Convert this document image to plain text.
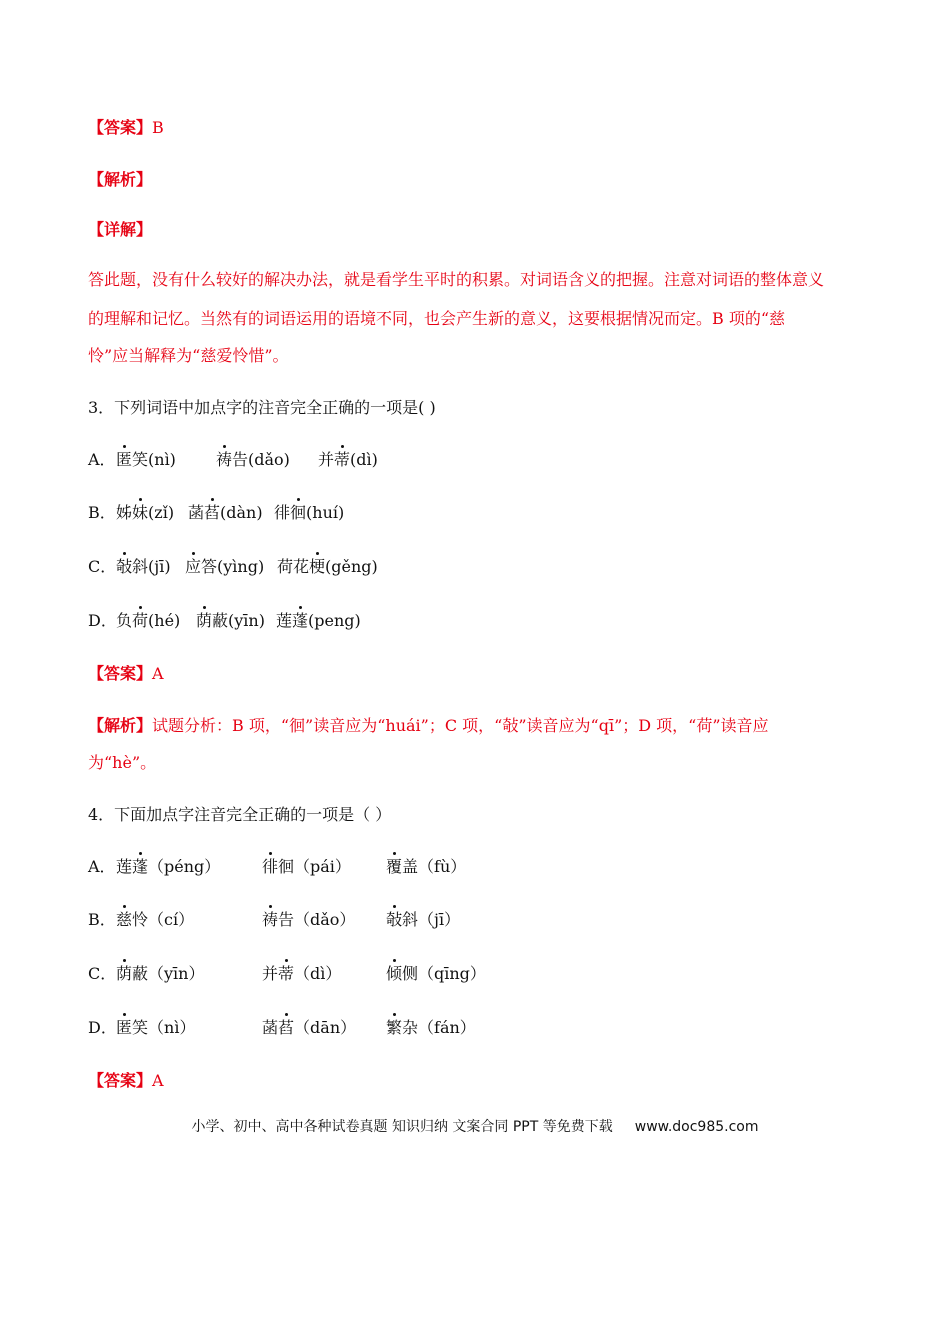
【答案】B
【解析】
【详解】
答此题，没有什么较好的解决办法，就是看学生平时的积累。对词语含义的把握。注意对词语的整体意义
的理解和记忆。当然有的词语运用的语境不同，也会产生新的意义，这要根据情况而定。B 项的“慈
怜”应当解释为“慈爱怜惜”。
3．下列词语中加点字的注音完全正确的一项是( )
A． 匿笑(nì)	祷告(dǎo) 并蒂(dì)
B． 姊妹(zǐ) 菡萏(dàn) 徘徊(huí)
C． 敧斜(jī) 应答(yìng) 荷花梗(gěng)
D． 负荷(hé) 荫蔽(yīn) 莲蓬(peng)
【答案】A
【解析】试题分析：B 项，“徊”读音应为“huái”；C 项，“敧”读音应为“qī”；D 项，“荷”读音应
为“hè”。
4．下面加点字注音完全正确的一项是（ ）
A． 莲蓬（péng）	徘徊（pái） 覆盖（fù）
B． 慈怜（cí）	祷告（dǎo） 敧斜（jī）
C． 荫蔽（yīn）	并蒂（dì）	倾侧（qīng）
D． 匿笑（nì）	菡萏（dān） 繁杂（fán）
【答案】A
小学、初中、高中各种试卷真题 知识归纳 文案合同 PPT 等免费下载 www.doc985.com
